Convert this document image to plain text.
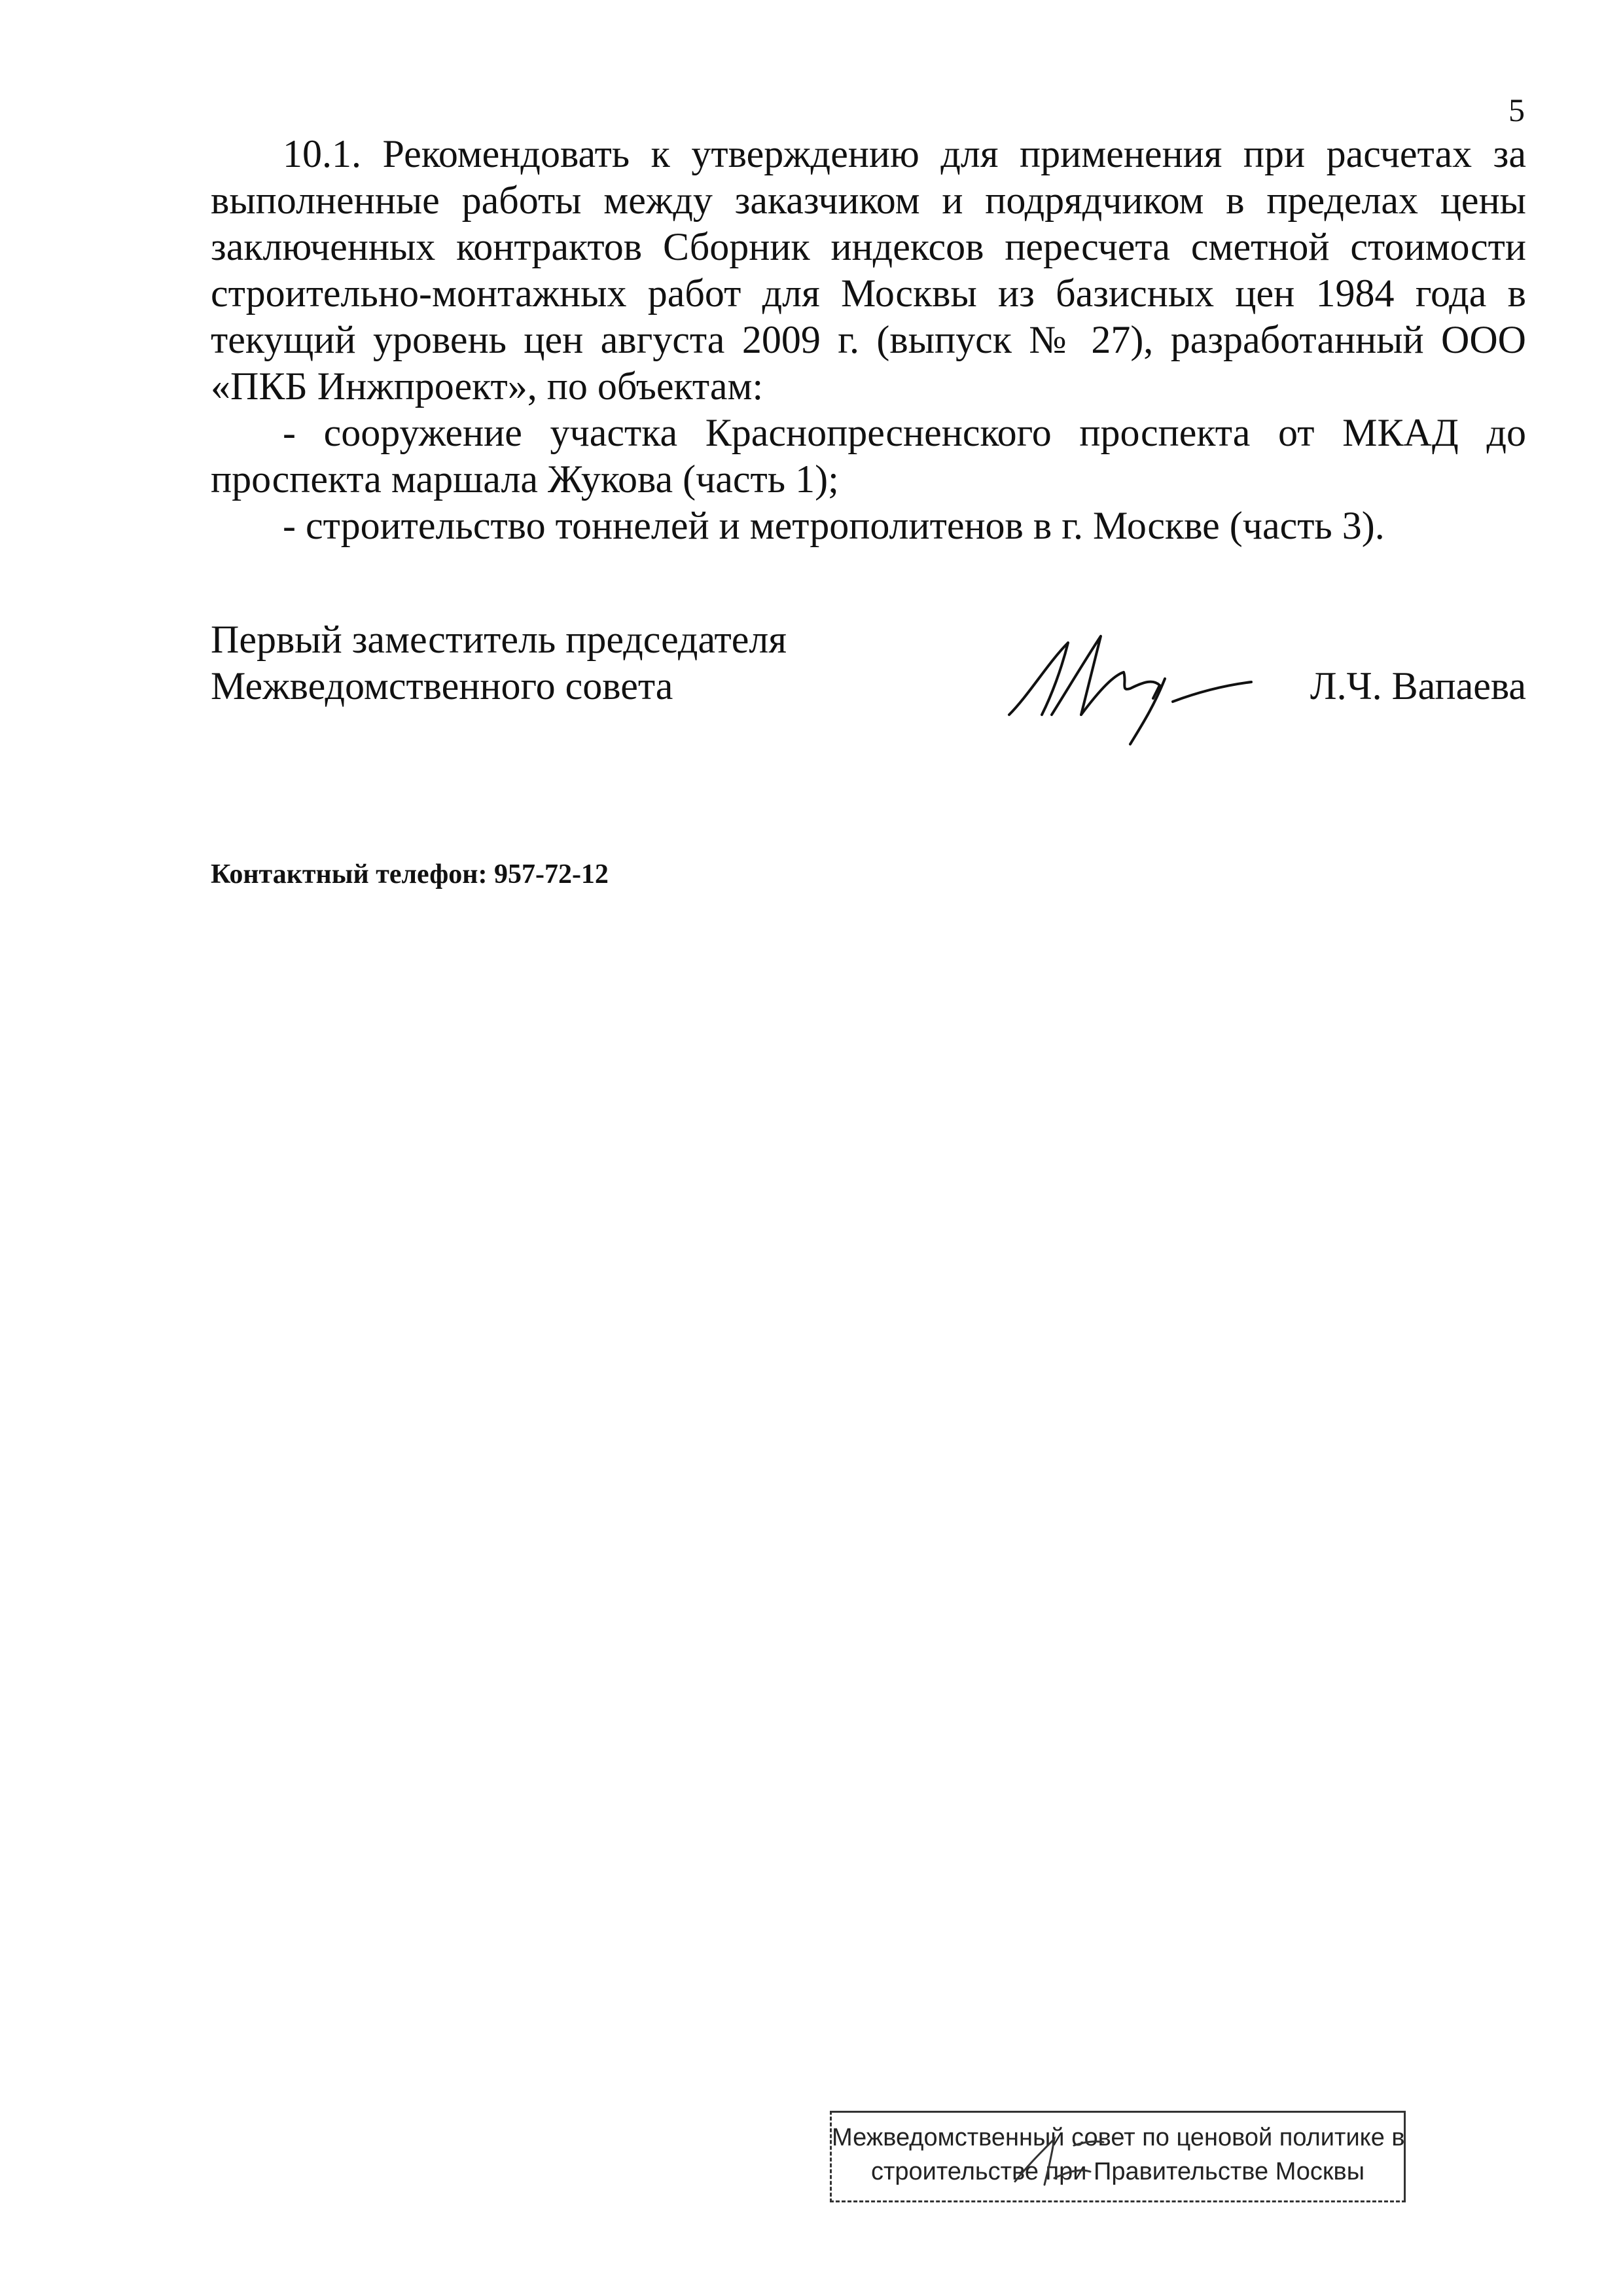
5

10.1. Рекомендовать к утверждению для применения при расчетах за выполненные работы между заказчиком и подрядчиком в пределах цены заключенных контрактов Сборник индексов пересчета сметной стоимости строительно-монтажных работ для Москвы из базисных цен 1984 года в текущий уровень цен августа 2009 г. (выпуск № 27), разработанный ООО «ПКБ Инжпроект», по объектам:

- сооружение участка Краснопресненского проспекта от МКАД до проспекта маршала Жукова (часть 1);

- строительство тоннелей и метрополитенов в г. Москве (часть 3).

Первый заместитель председателя
Межведомственного совета	Л.Ч. Вапаева
Контактный телефон: 957-72-12
Межведомственный совет по ценовой политике в
строительстве при Правительстве Москвы
